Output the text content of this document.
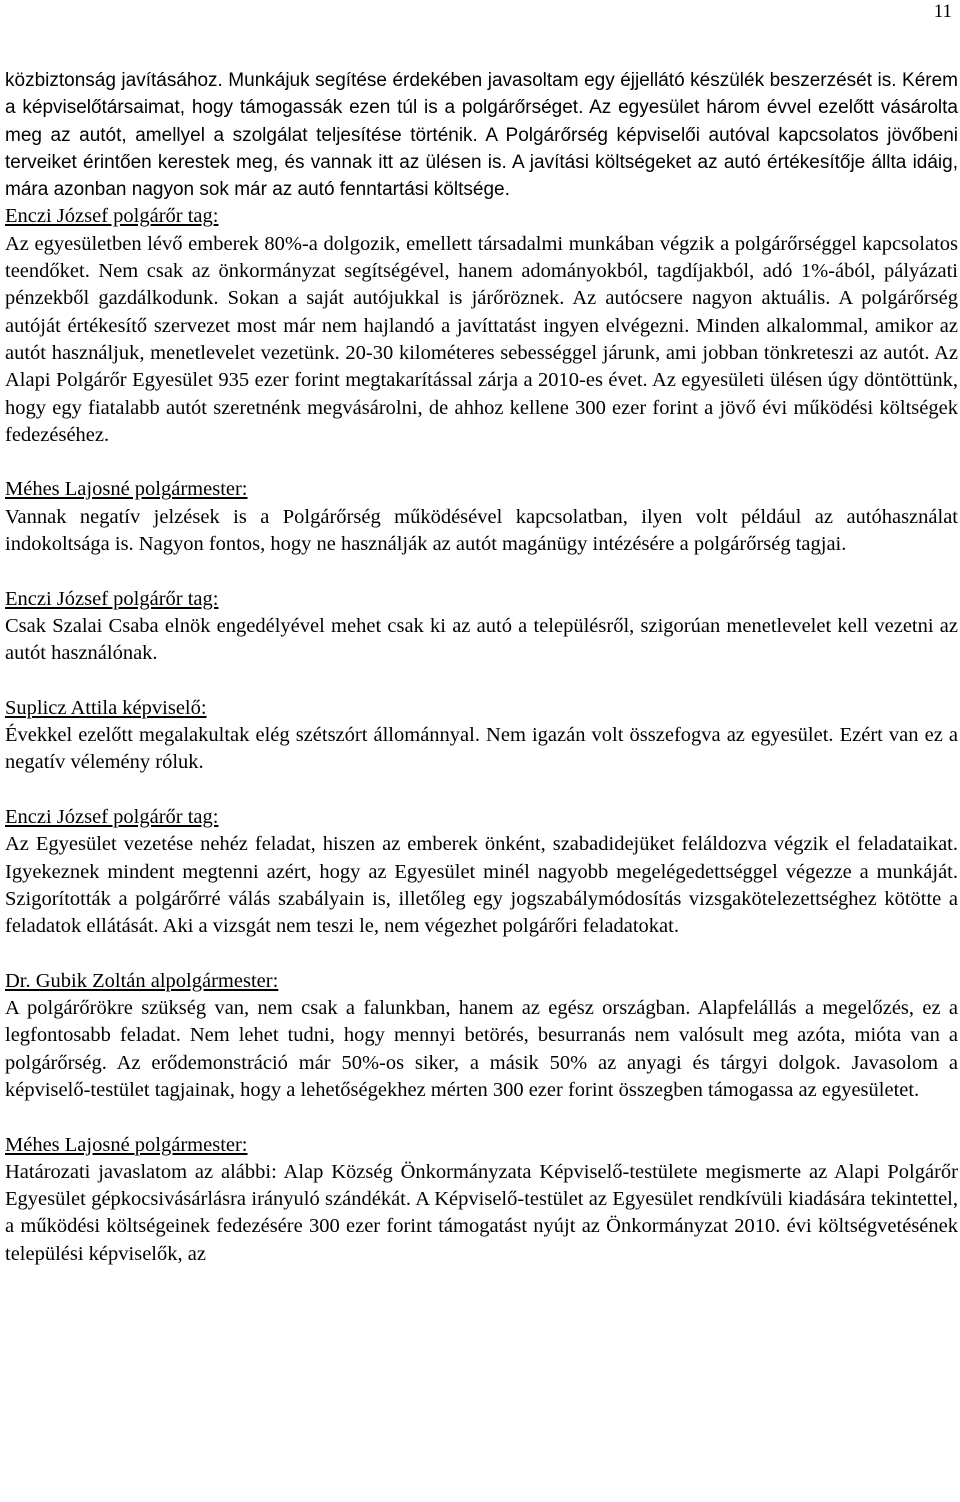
11

közbiztonság javításához. Munkájuk segítése érdekében javasoltam egy éjjellátó készülék beszerzését is. Kérem a képviselőtársaimat, hogy támogassák ezen túl is a polgárőrséget. Az egyesület három évvel ezelőtt vásárolta meg az autót, amellyel a szolgálat teljesítése történik. A Polgárőrség képviselői autóval kapcsolatos jövőbeni terveiket érintően kerestek meg, és vannak itt az ülésen is. A javítási költségeket az autó értékesítője állta idáig, mára azonban nagyon sok már az autó fenntartási költsége.

Enczi József polgárőr tag:

Az egyesületben lévő emberek 80%-a dolgozik, emellett társadalmi munkában végzik a polgárőrséggel kapcsolatos teendőket. Nem csak az önkormányzat segítségével, hanem adományokból, tagdíjakból, adó 1%-ából, pályázati pénzekből gazdálkodunk. Sokan a saját autójukkal is járőröznek. Az autócsere nagyon aktuális. A polgárőrség autóját értékesítő szervezet most már nem hajlandó a javíttatást ingyen elvégezni. Minden alkalommal, amikor az autót használjuk, menetlevelet vezetünk. 20-30 kilométeres sebességgel járunk, ami jobban tönkreteszi az autót. Az Alapi Polgárőr Egyesület 935 ezer forint megtakarítással zárja a 2010-es évet. Az egyesületi ülésen úgy döntöttünk, hogy egy fiatalabb autót szeretnénk megvásárolni, de ahhoz kellene 300 ezer forint a jövő évi működési költségek fedezéséhez.

Méhes Lajosné polgármester:

Vannak negatív jelzések is a Polgárőrség működésével kapcsolatban, ilyen volt például az autóhasználat indokoltsága is. Nagyon fontos, hogy ne használják az autót magánügy intézésére a polgárőrség tagjai.

Enczi József polgárőr tag:

Csak Szalai Csaba elnök engedélyével mehet csak ki az autó a településről, szigorúan menetlevelet kell vezetni az autót használónak.

Suplicz Attila képviselő:

Évekkel ezelőtt megalakultak elég szétszórt állománnyal. Nem igazán volt összefogva az egyesület. Ezért van ez a negatív vélemény róluk.

Enczi József polgárőr tag:

Az Egyesület vezetése nehéz feladat, hiszen az emberek önként, szabadidejüket feláldozva végzik el feladataikat. Igyekeznek mindent megtenni azért, hogy az Egyesület minél nagyobb megelégedettséggel végezze a munkáját. Szigorították a polgárőrré válás szabályain is, illetőleg egy jogszabálymódosítás vizsgakötelezettséghez kötötte a feladatok ellátását. Aki a vizsgát nem teszi le, nem végezhet polgárőri feladatokat.

Dr. Gubik Zoltán alpolgármester:

A polgárőrökre szükség van, nem csak a falunkban, hanem az egész országban. Alapfelállás a megelőzés, ez a legfontosabb feladat. Nem lehet tudni, hogy mennyi betörés, besurranás nem valósult meg azóta, mióta van a polgárőrség. Az erődemonstráció már 50%-os siker, a másik 50% az anyagi és tárgyi dolgok. Javasolom a képviselő-testület tagjainak, hogy a lehetőségekhez mérten 300 ezer forint összegben támogassa az egyesületet.

Méhes Lajosné polgármester:

Határozati javaslatom az alábbi: Alap Község Önkormányzata Képviselő-testülete megismerte az Alapi Polgárőr Egyesület gépkocsivásárlásra irányuló szándékát. A Képviselő-testület az Egyesület rendkívüli kiadására tekintettel, a működési költségeinek fedezésére 300 ezer forint támogatást nyújt az Önkormányzat 2010. évi költségvetésének települési képviselők, az
